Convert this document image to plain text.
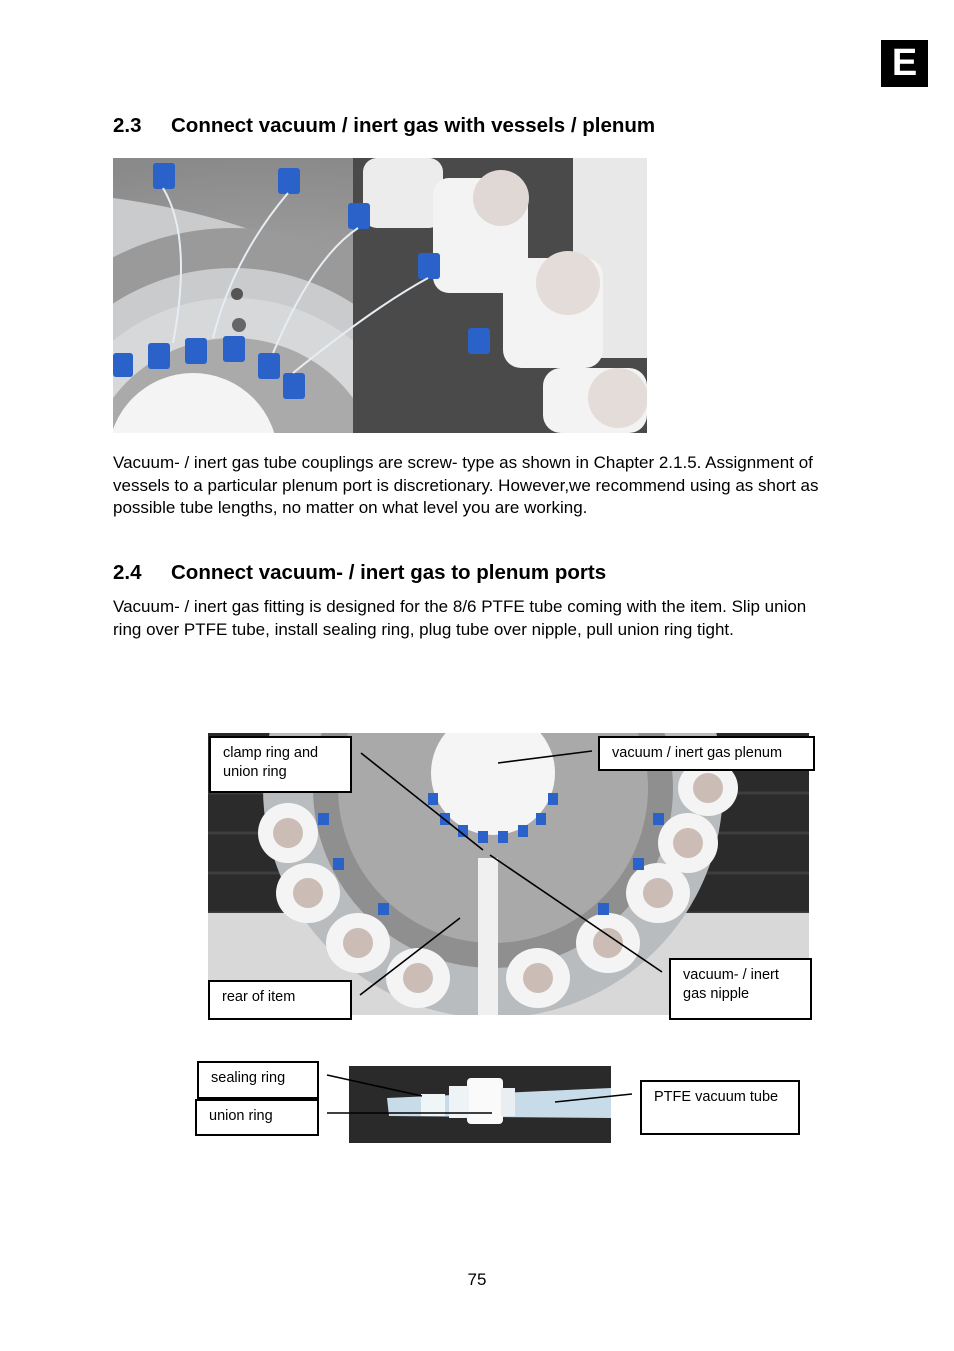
E
2.3 Connect vacuum / inert gas with vessels / plenum
Vacuum- / inert gas tube couplings are screw- type as shown in Chapter 2.1.5. Assignment of vessels to a particular plenum port is discretionary. However,we recommend using as short as possible tube lengths, no matter on what level you are working.
2.4 Connect vacuum- / inert gas to plenum ports
Vacuum- / inert gas fitting is designed for the 8/6 PTFE tube coming with the item. Slip union ring over PTFE tube, install sealing ring, plug tube over nipple, pull union ring tight.
clamp ring and union ring
vacuum / inert gas plenum
rear of item
vacuum- / inert gas nipple
sealing ring
union ring
PTFE vacuum tube
75
